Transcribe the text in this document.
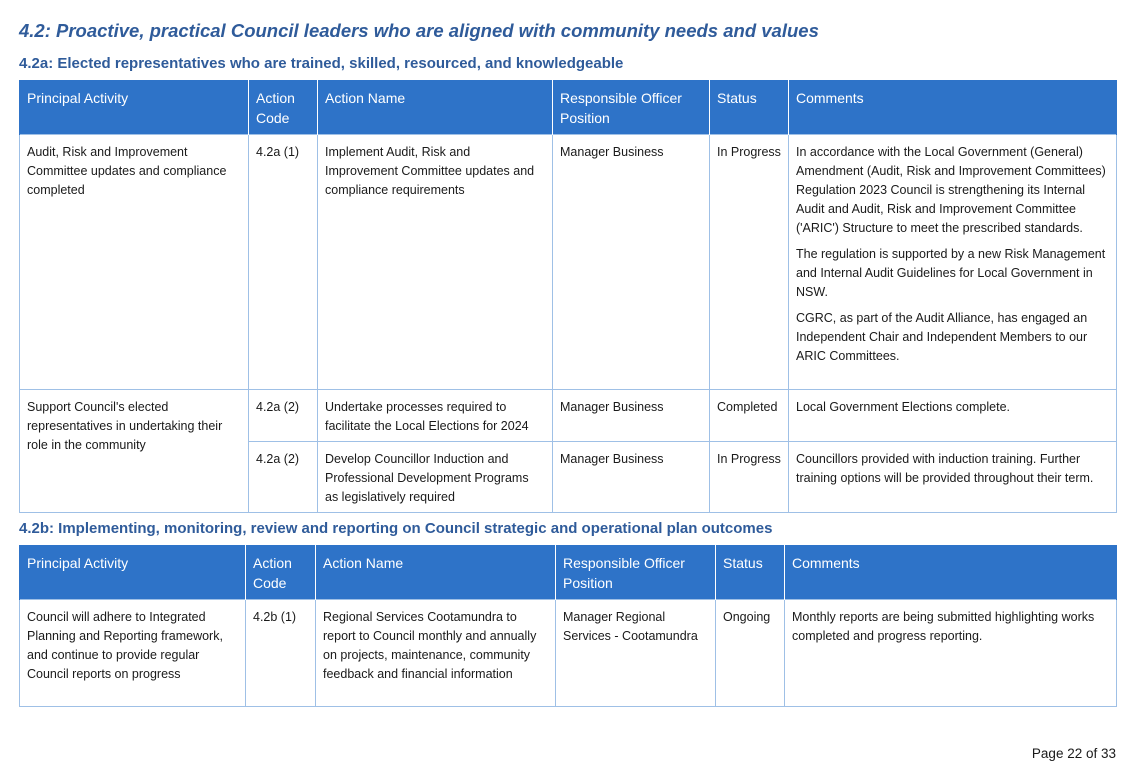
4.2: Proactive, practical Council leaders who are aligned with community needs and values
4.2a: Elected representatives who are trained, skilled, resourced, and knowledgeable
Principal Activity	Action Code	Action Name	Responsible Officer Position	Status	Comments
Audit, Risk and Improvement Committee updates and compliance completed	4.2a (1)	Implement Audit, Risk and Improvement Committee updates and compliance requirements	Manager Business	In Progress	In accordance with the Local Government (General) Amendment (Audit, Risk and Improvement Committees) Regulation 2023 Council is strengthening its Internal Audit and Audit, Risk and Improvement Committee ('ARIC') Structure to meet the prescribed standards.

The regulation is supported by a new Risk Management and Internal Audit Guidelines for Local Government in NSW.

CGRC, as part of the Audit Alliance, has engaged an Independent Chair and Independent Members to our ARIC Committees.

Support Council's elected representatives in undertaking their role in the community	4.2a (2)	Undertake processes required to facilitate the Local Elections for 2024	Manager Business	Completed	Local Government Elections complete.
	4.2a (2)	Develop Councillor Induction and Professional Development Programs as legislatively required	Manager Business	In Progress	Councillors provided with induction training. Further training options will be provided throughout their term.
4.2b: Implementing, monitoring, review and reporting on Council strategic and operational plan outcomes
Principal Activity	Action Code	Action Name	Responsible Officer Position	Status	Comments
Council will adhere to Integrated Planning and Reporting framework, and continue to provide regular Council reports on progress	4.2b (1)	Regional Services Cootamundra to report to Council monthly and annually on projects, maintenance, community feedback and financial information	Manager Regional Services - Cootamundra	Ongoing	Monthly reports are being submitted highlighting works completed and progress reporting.
Page 22 of 33
